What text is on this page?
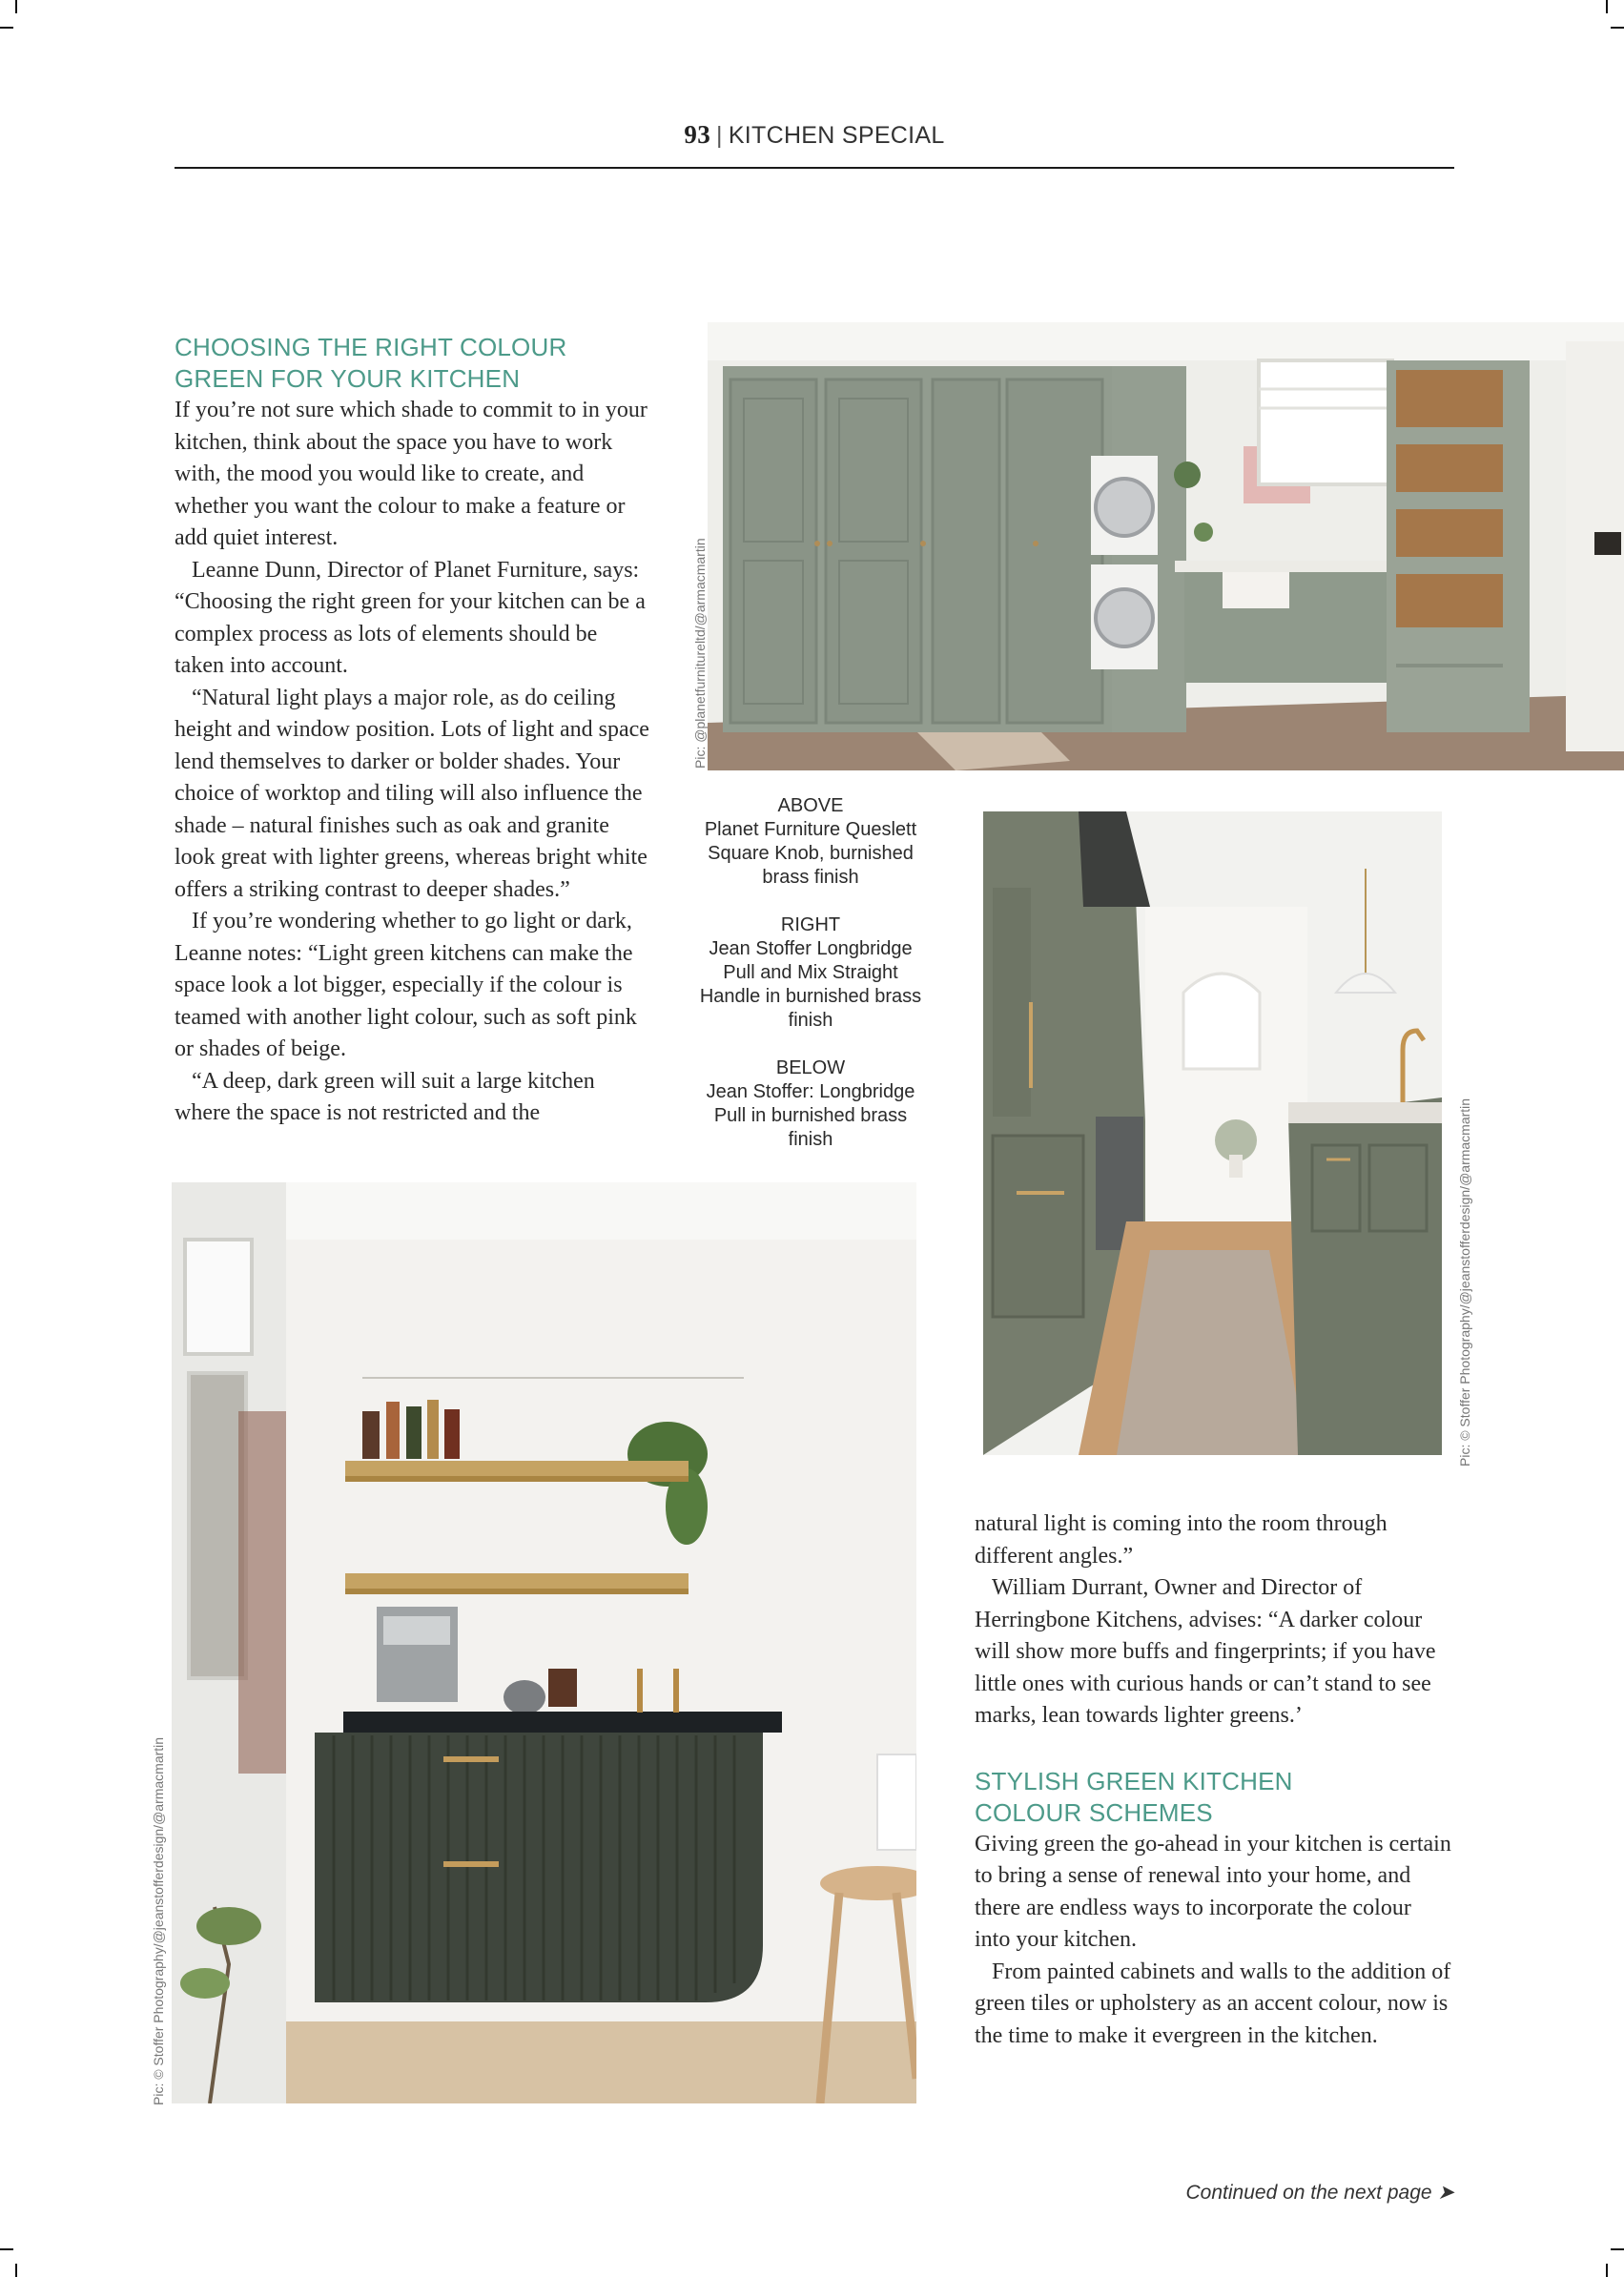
93 | KITCHEN SPECIAL
CHOOSING THE RIGHT COLOUR
GREEN FOR YOUR KITCHEN

If you’re not sure which shade to commit to in your kitchen, think about the space you have to work with, the mood you would like to create, and whether you want the colour to make a feature or add quiet interest.

Leanne Dunn, Director of Planet Furniture, says: “Choosing the right green for your kitchen can be a complex process as lots of elements should be taken into account.

“Natural light plays a major role, as do ceiling height and window position. Lots of light and space lend themselves to darker or bolder shades. Your choice of worktop and tiling will also influence the shade – natural finishes such as oak and granite look great with lighter greens, whereas bright white offers a striking contrast to deeper shades.”

If you’re wondering whether to go light or dark, Leanne notes: “Light green kitchens can make the space look a lot bigger, especially if the colour is teamed with another light colour, such as soft pink or shades of beige.

“A deep, dark green will suit a large kitchen where the space is not restricted and the

Pic: @planetfurnitureltd/@armacmartin
ABOVE
Planet Furniture Queslett Square Knob, burnished brass finish
RIGHT
Jean Stoffer Longbridge Pull and Mix Straight Handle in burnished brass finish
BELOW
Jean Stoffer: Longbridge Pull in burnished brass finish	Pic: © Stoffer Photography/@jeanstofferdesign/@armacmartin
Pic: © Stoffer Photography/@jeanstofferdesign/@armacmartin

natural light is coming into the room through different angles.”

William Durrant, Owner and Director of Herringbone Kitchens, advises: “A darker colour will show more buffs and fingerprints; if you have little ones with curious hands or can’t stand to see marks, lean towards lighter greens.’

STYLISH GREEN KITCHEN
COLOUR SCHEMES

Giving green the go-ahead in your kitchen is certain to bring a sense of renewal into your home, and there are endless ways to incorporate the colour into your kitchen.

From painted cabinets and walls to the addition of green tiles or upholstery as an accent colour, now is the time to make it evergreen in the kitchen.

Continued on the next page ➤
